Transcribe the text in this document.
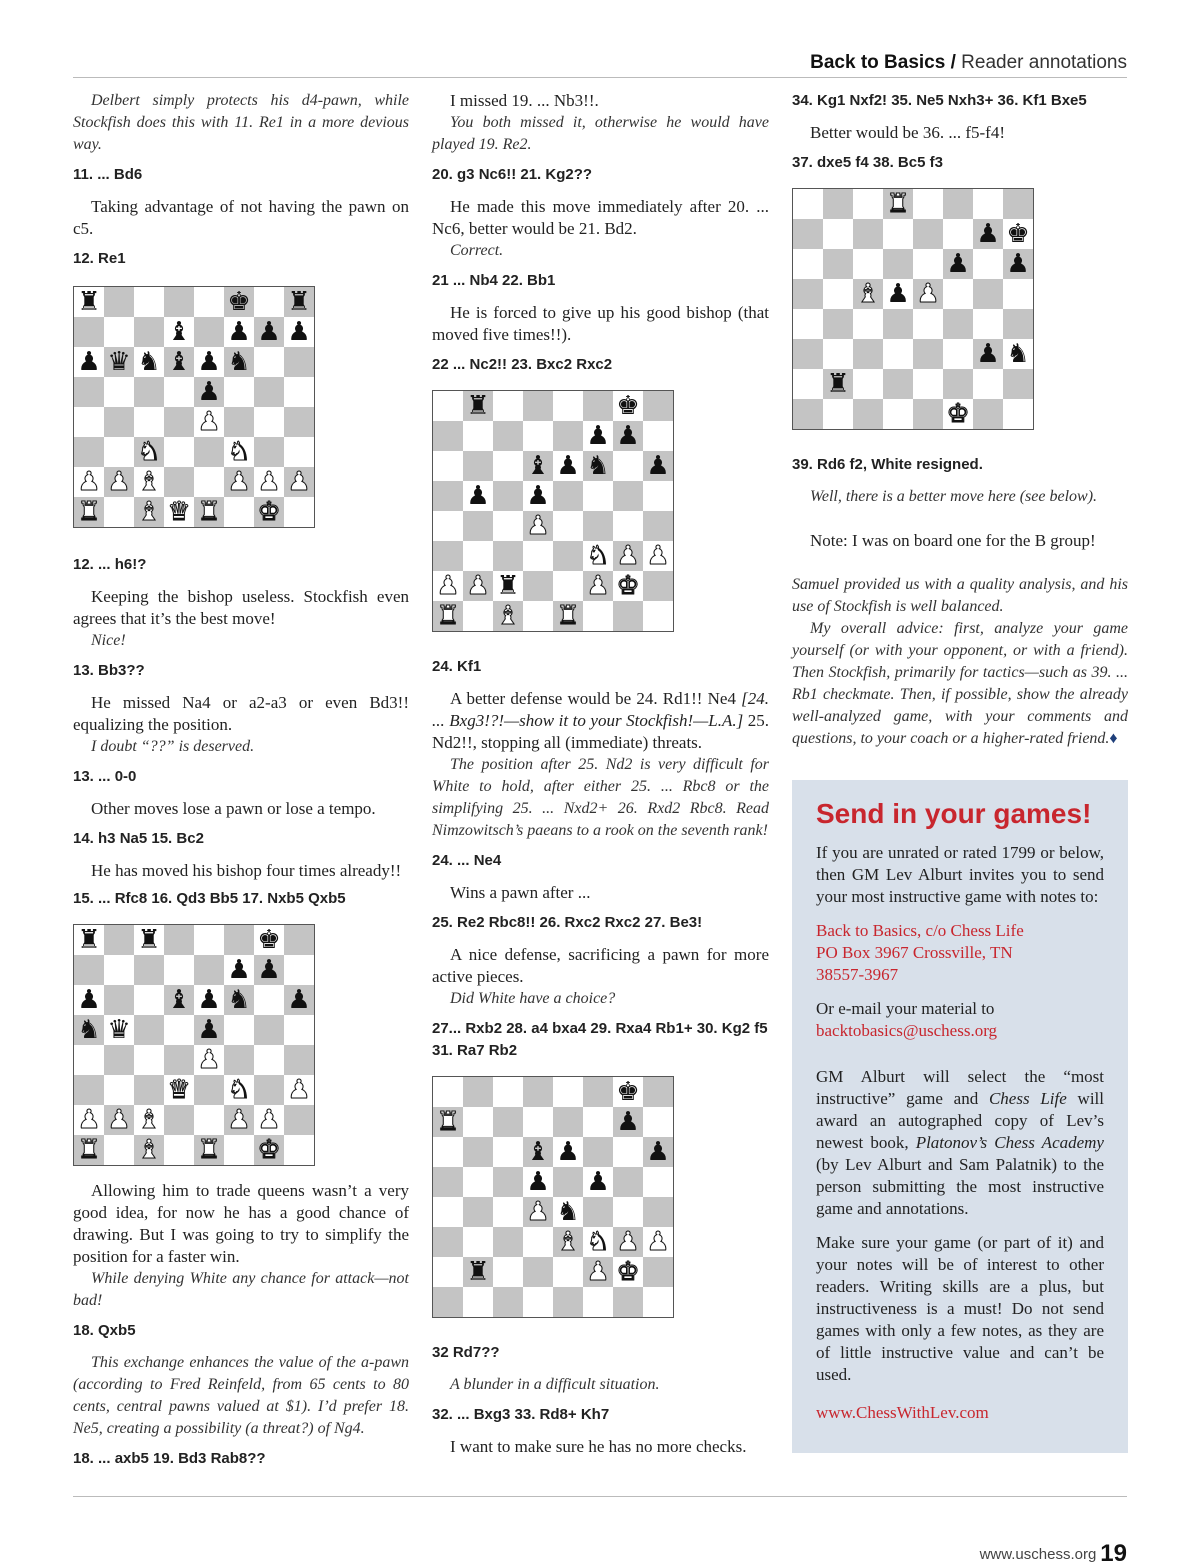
Back to Basics / Reader annotations

Delbert simply protects his d4-pawn, while Stockfish does this with 11. Re1 in a more devious way.

11. ... Bd6

Taking advantage of not having the pawn on c5.

12. Re1

♜	♚ ♜
♝ ♟ ♟ ♟
♟ ♛ ♞ ♝ ♟ ♞
♟
♟
♞	♞
♟ ♟ ♝	♟ ♟ ♟
♜ ♝ ♛ ♜ ♚

12. ... h6!?

Keeping the bishop useless. Stockfish even agrees that it’s the best move!

Nice!

13. Bb3??

He missed Na4 or a2-a3 or even Bd3!! equalizing the position.

I doubt “??” is deserved.

13. ... 0-0

Other moves lose a pawn or lose a tempo.

14. h3 Na5 15. Bc2

He has moved his bishop four times already!!

15. ... Rfc8 16. Qd3 Bb5 17. Nxb5 Qxb5

♜ ♜	♚
♟ ♟
♟	♝ ♟ ♞ ♟
♞ ♛	♟
♟
♛ ♞ ♟
♟ ♟ ♝	♟ ♟
♜ ♝ ♜ ♚

Allowing him to trade queens wasn’t a very good idea, for now he has a good chance of drawing. But I was going to try to simplify the position for a faster win.

While denying White any chance for attack—not bad!

18. Qxb5

This exchange enhances the value of the a-pawn (according to Fred Reinfeld, from 65 cents to 80 cents, central pawns valued at $1). I’d prefer 18. Ne5, creating a possibility (a threat?) of Ng4.

18. ... axb5 19. Bd3 Rab8??

I missed 19. ... Nb3!!.

You both missed it, otherwise he would have played 19. Re2.

20. g3 Nc6!! 21. Kg2??

He made this move immediately after 20. ... Nc6, better would be 21. Bd2.

Correct.

21 ... Nb4 22. Bb1

He is forced to give up his good bishop (that moved five times!!).

22 ... Nc2!! 23. Bxc2 Rxc2

♜	♚
♟ ♟
♝ ♟ ♞ ♟
♟ ♟
♟
♞ ♟ ♟
♟ ♟ ♜	♟ ♚
♜ ♝ ♜

24. Kf1

A better defense would be 24. Rd1!! Ne4 [24. ... Bxg3!?!—show it to your Stockfish!—L.A.] 25. Nd2!!, stopping all (immediate) threats.

The position after 25. Nd2 is very difficult for White to hold, after either 25. ... Rbc8 or the simplifying 25. ... Nxd2+ 26. Rxd2 Rbc8. Read Nimzowitsch’s paeans to a rook on the seventh rank!

24. ... Ne4

Wins a pawn after ...

25. Re2 Rbc8!! 26. Rxc2 Rxc2 27. Be3!

A nice defense, sacrificing a pawn for more active pieces.

Did White have a choice?

27... Rxb2 28. a4 bxa4 29. Rxa4 Rb1+ 30. Kg2 f5 31. Ra7 Rb2

♚
♜	♟
♝ ♟	♟
♟ ♟
♟ ♞
♝ ♞ ♟ ♟
♜	♟ ♚

32 Rd7??

A blunder in a difficult situation.

32. ... Bxg3 33. Rd8+ Kh7

I want to make sure he has no more checks.

34. Kg1 Nxf2! 35. Ne5 Nxh3+ 36. Kf1 Bxe5

Better would be 36. ... f5-f4!

37. dxe5 f4 38. Bc5 f3

♜
♟ ♚
♟ ♟
♝ ♟ ♟
♟ ♞
♜
♚

39. Rd6 f2, White resigned.

Well, there is a better move here (see below).

Note: I was on board one for the B group!

Samuel provided us with a quality analysis, and his use of Stockfish is well balanced.

My overall advice: first, analyze your game yourself (or with your opponent, or with a friend). Then Stockfish, primarily for tactics—such as 39. ... Rb1 checkmate. Then, if possible, show the already well-analyzed game, with your comments and questions, to your coach or a higher-rated friend.♦

Send in your games!

If you are unrated or rated 1799 or below, then GM Lev Alburt invites you to send your most instructive game with notes to:

Back to Basics, c/o Chess Life
PO Box 3967 Crossville, TN
38557-3967

Or e-mail your material to

backtobasics@uschess.org

GM Alburt will select the “most instructive” game and Chess Life will award an autographed copy of Lev’s newest book, Platonov’s Chess Academy (by Lev Alburt and Sam Palatnik) to the person submitting the most instructive game and annotations.

Make sure your game (or part of it) and your notes will be of interest to other readers. Writing skills are a plus, but instructiveness is a must! Do not send games with only a few notes, as they are of little instructive value and can’t be used.

www.ChessWithLev.com

www.uschess.org 19
